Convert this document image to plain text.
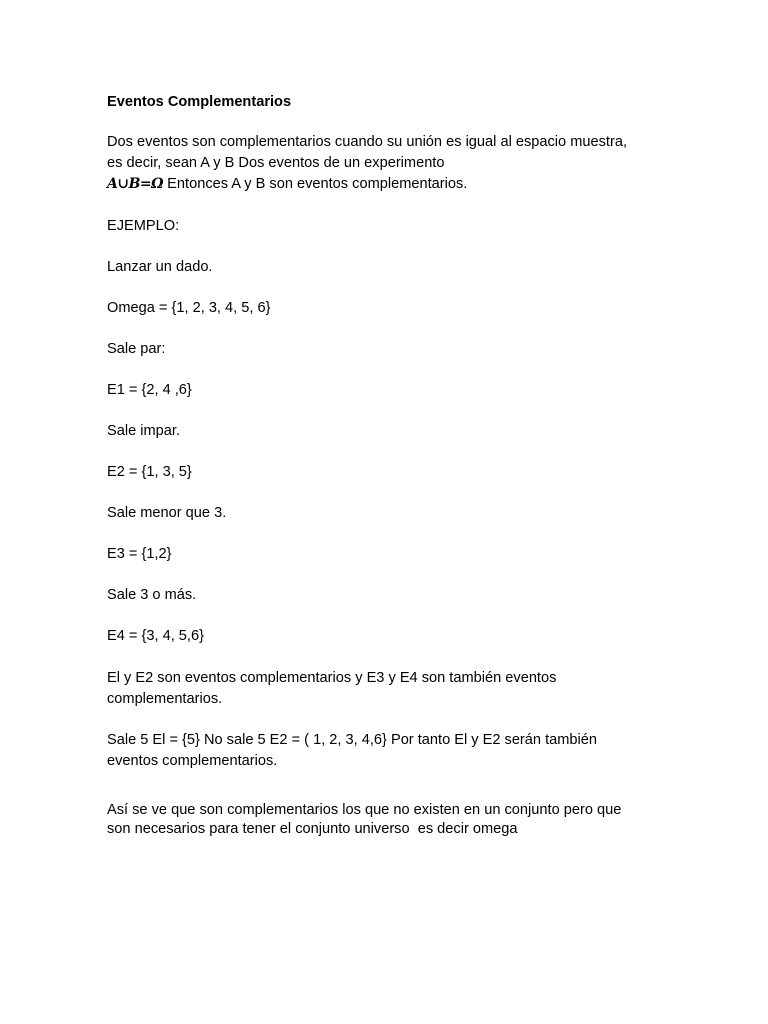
Eventos Complementarios
Dos eventos son complementarios cuando su unión es igual al espacio muestra,
es decir, sean A y B Dos eventos de un experimento
A∪B=Ω Entonces A y B son eventos complementarios.
EJEMPLO:
Lanzar un dado.
Omega = {1, 2, 3, 4, 5, 6}
Sale par:
E1 = {2, 4 ,6}
Sale impar.
E2 = {1, 3, 5}
Sale menor que 3.
E3 = {1,2}
Sale 3 o más.
E4 = {3, 4, 5,6}
El y E2 son eventos complementarios y E3 y E4 son también eventos
complementarios.
Sale 5 El = {5} No sale 5 E2 = ( 1, 2, 3, 4,6} Por tanto El y E2 serán también
eventos complementarios.
Así se ve que son complementarios los que no existen en un conjunto pero que
son necesarios para tener el conjunto universo  es decir omega
